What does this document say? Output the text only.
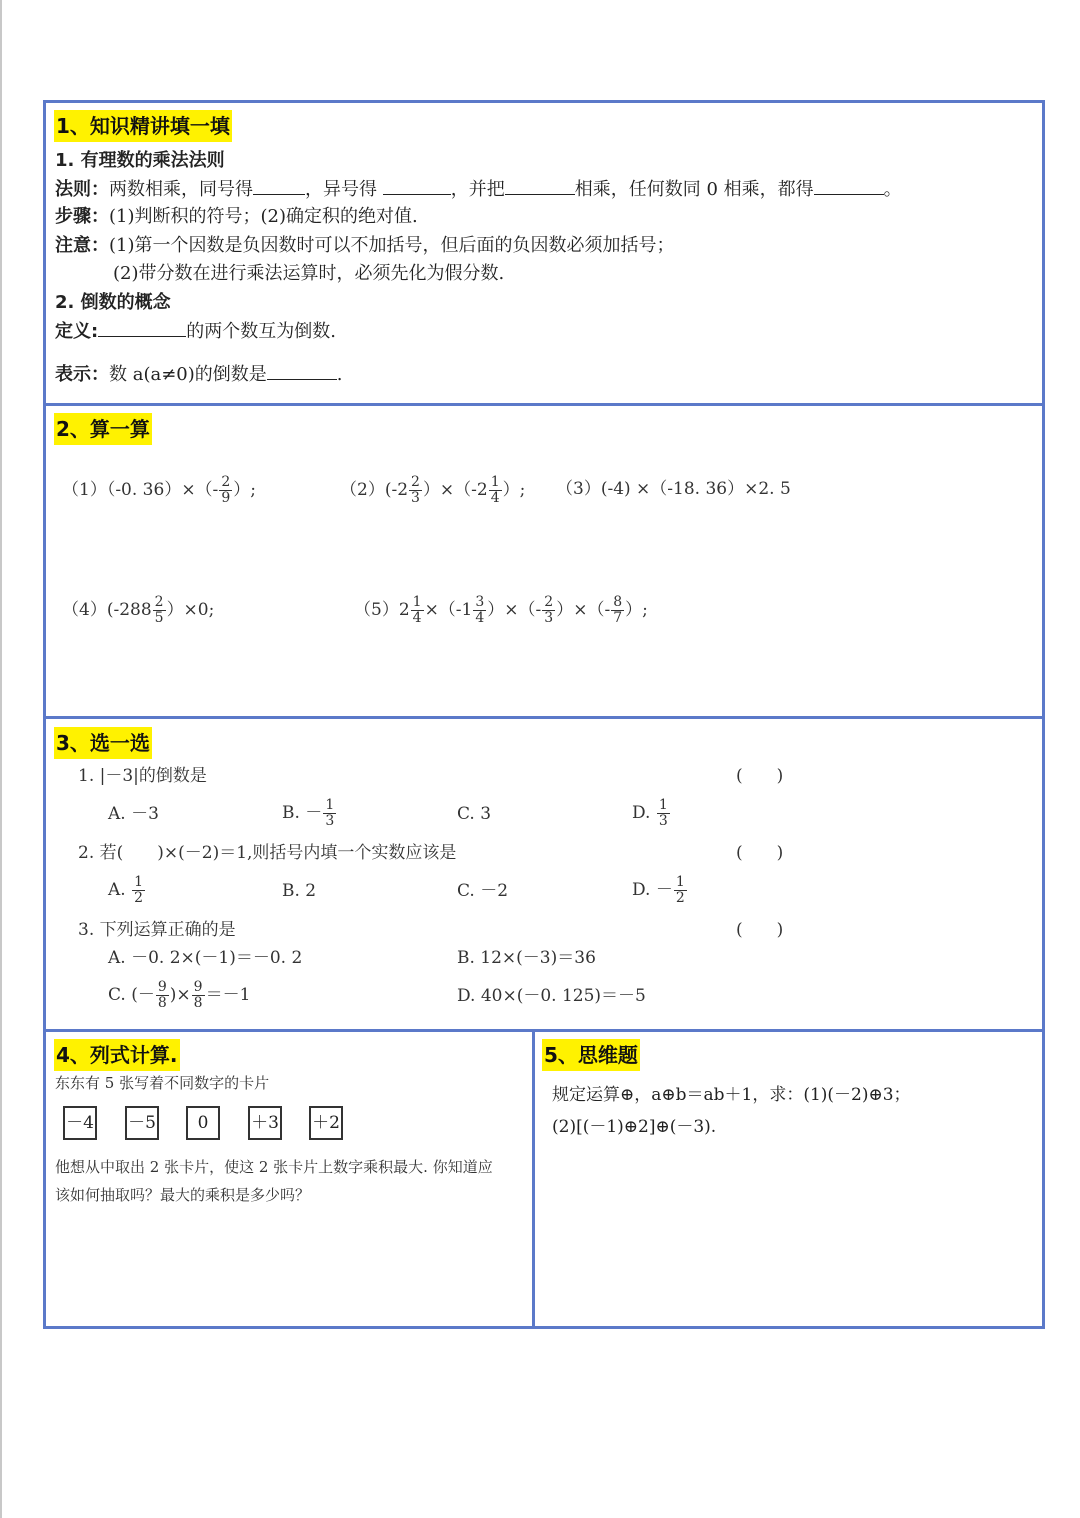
1、知识精讲填一填
1. 有理数的乘法法则
法则：两数相乘，同号得	，异号得	，并把	相乘，任何数同 0 相乘，都得	。
步骤：(1)判断积的符号；(2)确定积的绝对值.
注意：(1)第一个因数是负因数时可以不加括号，但后面的负因数必须加括号；
(2)带分数在进行乘法运算时，必须先化为假分数.
2. 倒数的概念
定义:	的两个数互为倒数.
表示：数 a(a≠0)的倒数是	.
2、算一算
（1）（-0. $36)\times(- \frac{2}{9}$ ）;	$(2)(-2 \frac{2}{3} )\times(-2 \frac{1}{4}$ ）; （3）(-4) ×（-18. 36）×2. 5
$(4)(-288 \frac{2}{5} )\times 0$;	$(5)2 \frac{1}{4} \times(-1 \frac{3}{4}$ ）×（- $\frac{2}{3}$ ）×（- $\frac{8}{7}$ ）;
3、选一选
1. |－3|的倒数是	(　　)
A. －3	B. － $\frac{1}{3}$	C. 3	D. $\frac{1}{3}$
2. 若(　　)×(－2)＝1,则括号内填一个实数应该是	(　　)
A. $\frac{1}{2}$	B. 2	C. －2	D. － $\frac{1}{2}$
3. 下列运算正确的是	(　　)
A. －0. 2×(－1)＝－0. 2	B. 12×(－3)＝36
C. (－ $\frac{9}{8}$ )× $\frac{9}{8} =-1$	D. 40×(－0. 125)＝－5
4、列式计算.
东东有 5 张写着不同数字的卡片
－4 －5	0	＋3 ＋2
他想从中取出 2 张卡片，使这 2 张卡片上数字乘积最大. 你知道应
该如何抽取吗？最大的乘积是多少吗？
5、思维题
规定运算⊕，a⊕b＝ab＋1，求：(1)(－2)⊕3；
(2)[(－1)⊕2]⊕(－3).
